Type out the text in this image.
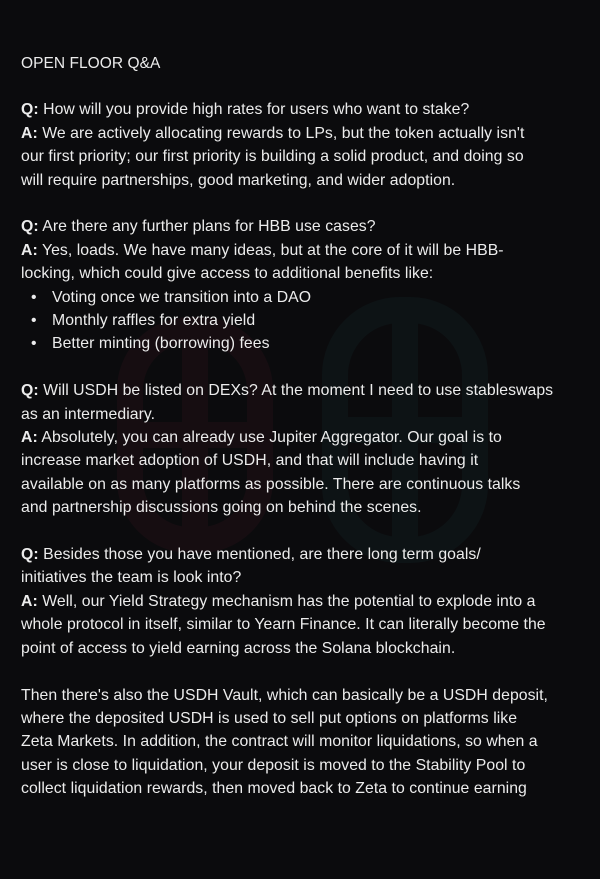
OPEN FLOOR Q&A
Q: How will you provide high rates for users who want to stake?
A: We are actively allocating rewards to LPs, but the token actually isn't
our first priority; our first priority is building a solid product, and doing so
will require partnerships, good marketing, and wider adoption.
Q: Are there any further plans for HBB use cases?
A: Yes, loads. We have many ideas, but at the core of it will be HBB-
locking, which could give access to additional benefits like:
• Voting once we transition into a DAO
• Monthly raffles for extra yield
• Better minting (borrowing) fees
Q: Will USDH be listed on DEXs? At the moment I need to use stableswaps
as an intermediary.
A: Absolutely, you can already use Jupiter Aggregator. Our goal is to
increase market adoption of USDH, and that will include having it
available on as many platforms as possible. There are continuous talks
and partnership discussions going on behind the scenes.
Q: Besides those you have mentioned, are there long term goals/
initiatives the team is look into?
A: Well, our Yield Strategy mechanism has the potential to explode into a
whole protocol in itself, similar to Yearn Finance. It can literally become the
point of access to yield earning across the Solana blockchain.
Then there's also the USDH Vault, which can basically be a USDH deposit,
where the deposited USDH is used to sell put options on platforms like
Zeta Markets. In addition, the contract will monitor liquidations, so when a
user is close to liquidation, your deposit is moved to the Stability Pool to
collect liquidation rewards, then moved back to Zeta to continue earning
